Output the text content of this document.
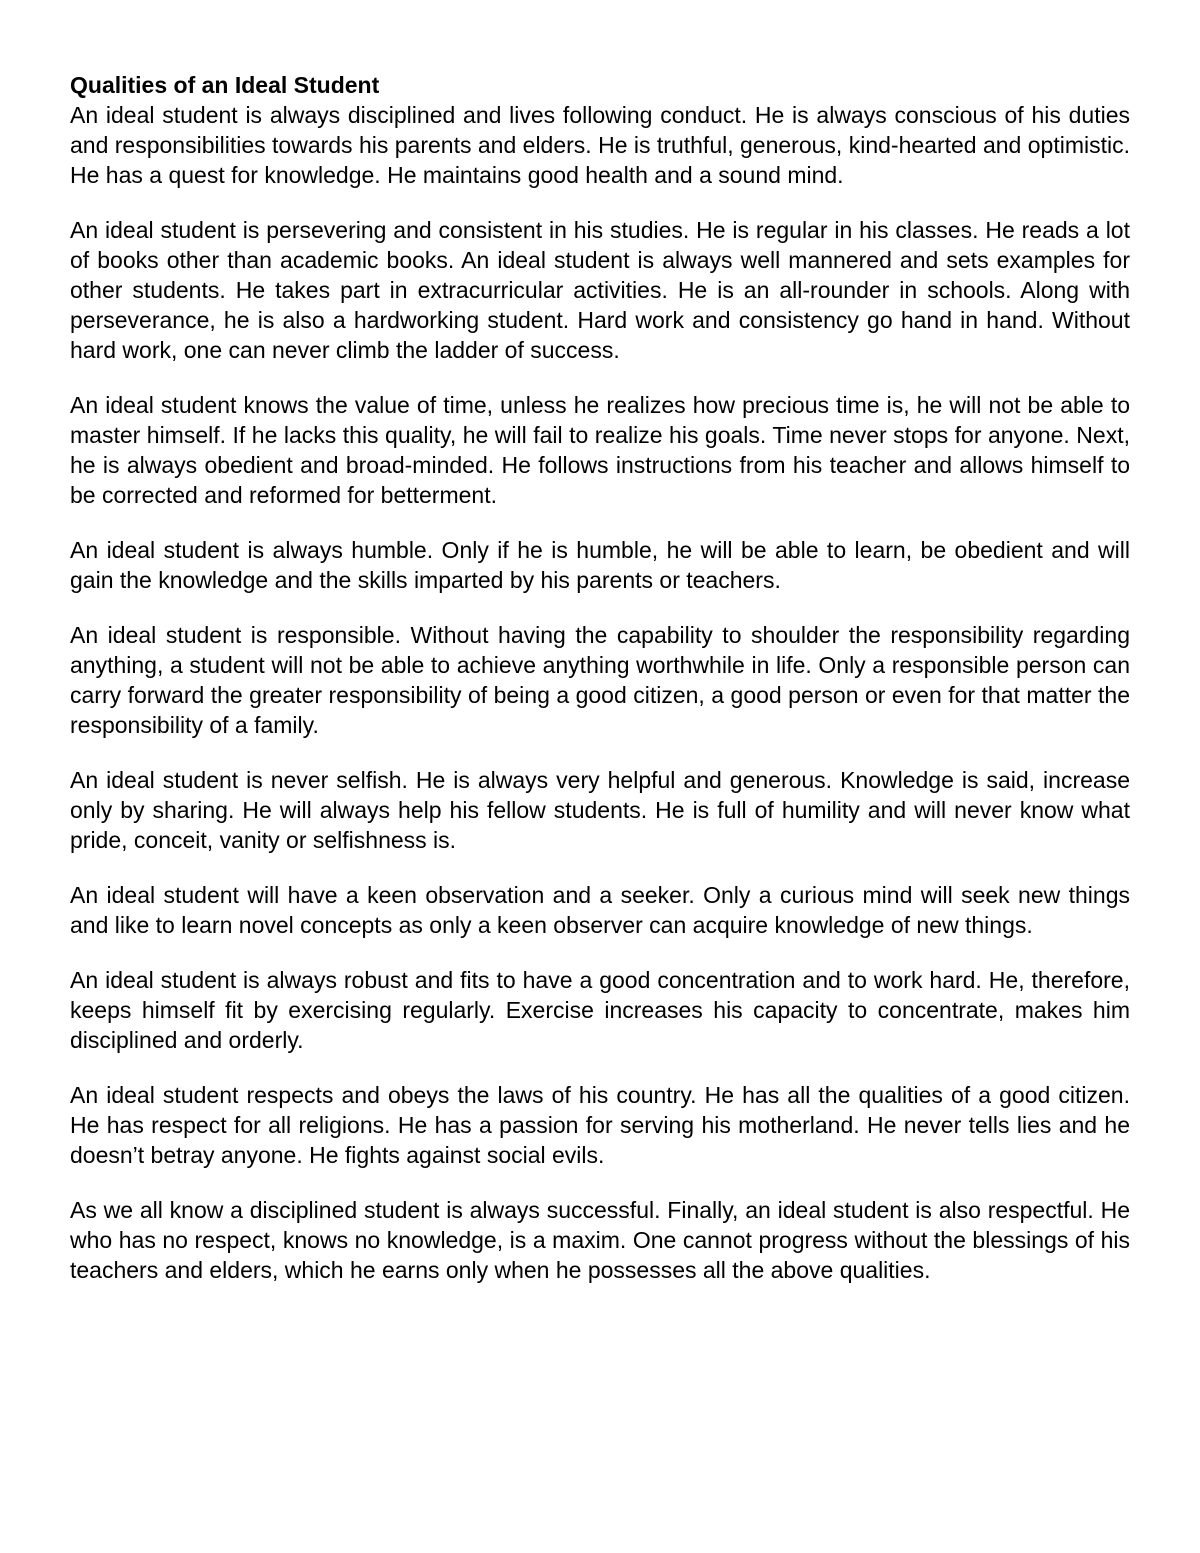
Qualities of an Ideal Student

An ideal student is always disciplined and lives following conduct. He is always conscious of his duties and responsibilities towards his parents and elders. He is truthful, generous, kind-hearted and optimistic. He has a quest for knowledge. He maintains good health and a sound mind.

An ideal student is persevering and consistent in his studies. He is regular in his classes. He reads a lot of books other than academic books. An ideal student is always well mannered and sets examples for other students. He takes part in extracurricular activities. He is an all-rounder in schools. Along with perseverance, he is also a hardworking student. Hard work and consistency go hand in hand. Without hard work, one can never climb the ladder of success.

An ideal student knows the value of time, unless he realizes how precious time is, he will not be able to master himself. If he lacks this quality, he will fail to realize his goals. Time never stops for anyone. Next, he is always obedient and broad-minded. He follows instructions from his teacher and allows himself to be corrected and reformed for betterment.

An ideal student is always humble. Only if he is humble, he will be able to learn, be obedient and will gain the knowledge and the skills imparted by his parents or teachers.

An ideal student is responsible. Without having the capability to shoulder the responsibility regarding anything, a student will not be able to achieve anything worthwhile in life. Only a responsible person can carry forward the greater responsibility of being a good citizen, a good person or even for that matter the responsibility of a family.

An ideal student is never selfish. He is always very helpful and generous. Knowledge is said, increase only by sharing. He will always help his fellow students. He is full of humility and will never know what pride, conceit, vanity or selfishness is.

An ideal student will have a keen observation and a seeker. Only a curious mind will seek new things and like to learn novel concepts as only a keen observer can acquire knowledge of new things.

An ideal student is always robust and fits to have a good concentration and to work hard. He, therefore, keeps himself fit by exercising regularly. Exercise increases his capacity to concentrate, makes him disciplined and orderly.

An ideal student respects and obeys the laws of his country. He has all the qualities of a good citizen. He has respect for all religions. He has a passion for serving his motherland. He never tells lies and he doesn’t betray anyone. He fights against social evils.

As we all know a disciplined student is always successful. Finally, an ideal student is also respectful. He who has no respect, knows no knowledge, is a maxim. One cannot progress without the blessings of his teachers and elders, which he earns only when he possesses all the above qualities.
